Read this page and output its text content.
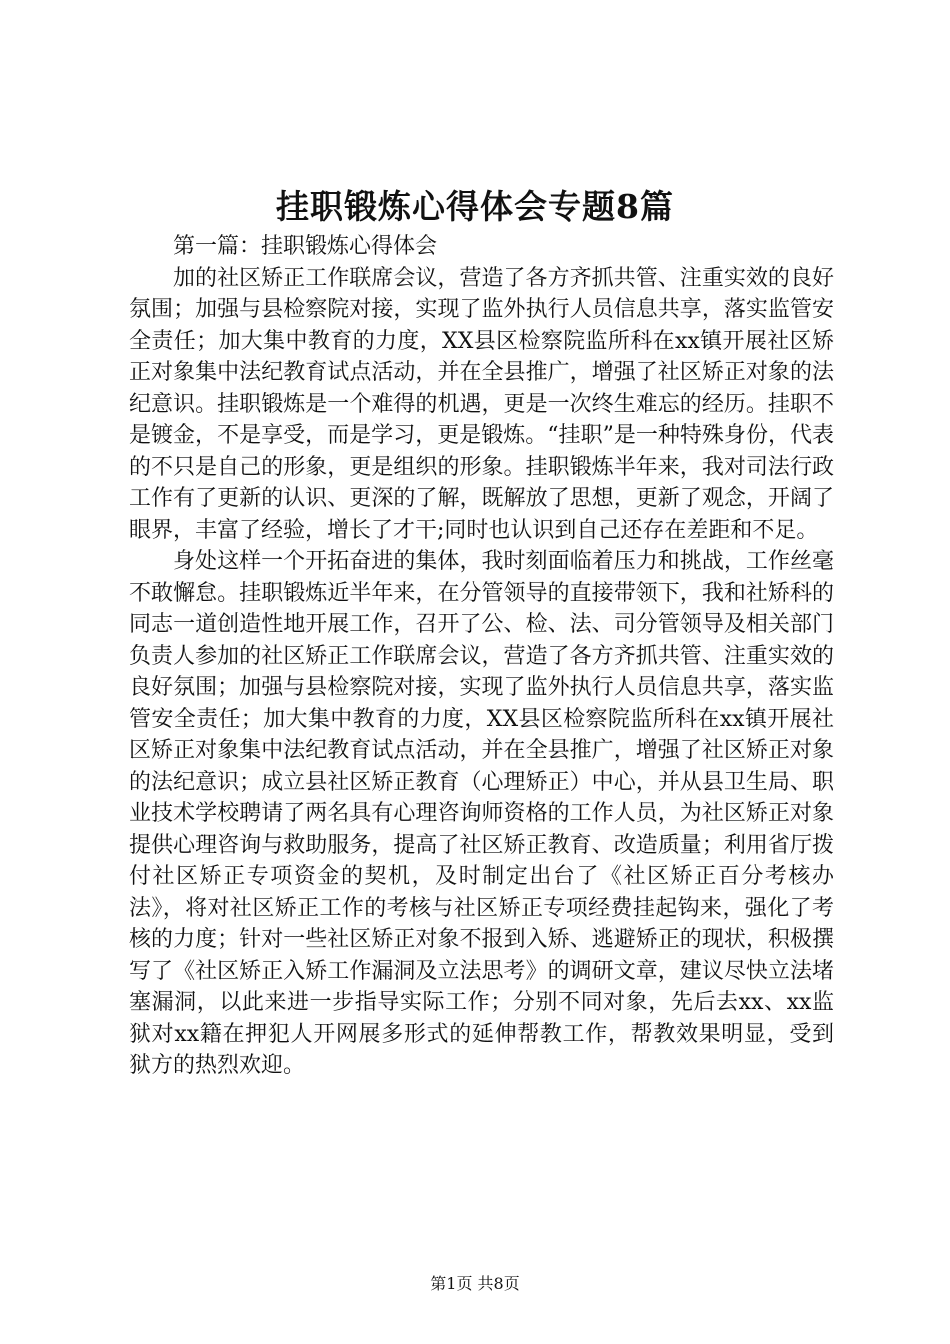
挂职锻炼心得体会专题8篇

第一篇：挂职锻炼心得体会

加的社区矫正工作联席会议，营造了各方齐抓共管、注重实效的良好氛围；加强与县检察院对接，实现了监外执行人员信息共享，落实监管安全责任；加大集中教育的力度，XX县区检察院监所科在xx镇开展社区矫正对象集中法纪教育试点活动，并在全县推广，增强了社区矫正对象的法纪意识。挂职锻炼是一个难得的机遇，更是一次终生难忘的经历。挂职不是镀金，不是享受，而是学习，更是锻炼。“挂职”是一种特殊身份，代表的不只是自己的形象，更是组织的形象。挂职锻炼半年来，我对司法行政工作有了更新的认识、更深的了解，既解放了思想，更新了观念，开阔了眼界，丰富了经验，增长了才干;同时也认识到自己还存在差距和不足。

身处这样一个开拓奋进的集体，我时刻面临着压力和挑战，工作丝毫不敢懈怠。挂职锻炼近半年来，在分管领导的直接带领下，我和社矫科的同志一道创造性地开展工作，召开了公、检、法、司分管领导及相关部门负责人参加的社区矫正工作联席会议，营造了各方齐抓共管、注重实效的良好氛围；加强与县检察院对接，实现了监外执行人员信息共享，落实监管安全责任；加大集中教育的力度，XX县区检察院监所科在xx镇开展社区矫正对象集中法纪教育试点活动，并在全县推广，增强了社区矫正对象的法纪意识；成立县社区矫正教育（心理矫正）中心，并从县卫生局、职业技术学校聘请了两名具有心理咨询师资格的工作人员，为社区矫正对象提供心理咨询与救助服务，提高了社区矫正教育、改造质量；利用省厅拨付社区矫正专项资金的契机，及时制定出台了《社区矫正百分考核办法》，将对社区矫正工作的考核与社区矫正专项经费挂起钩来，强化了考核的力度；针对一些社区矫正对象不报到入矫、逃避矫正的现状，积极撰写了《社区矫正入矫工作漏洞及立法思考》的调研文章，建议尽快立法堵塞漏洞，以此来进一步指导实际工作；分别不同对象，先后去xx、xx监狱对xx籍在押犯人开网展多形式的延伸帮教工作，帮教效果明显，受到狱方的热烈欢迎。

第1页 共8页
